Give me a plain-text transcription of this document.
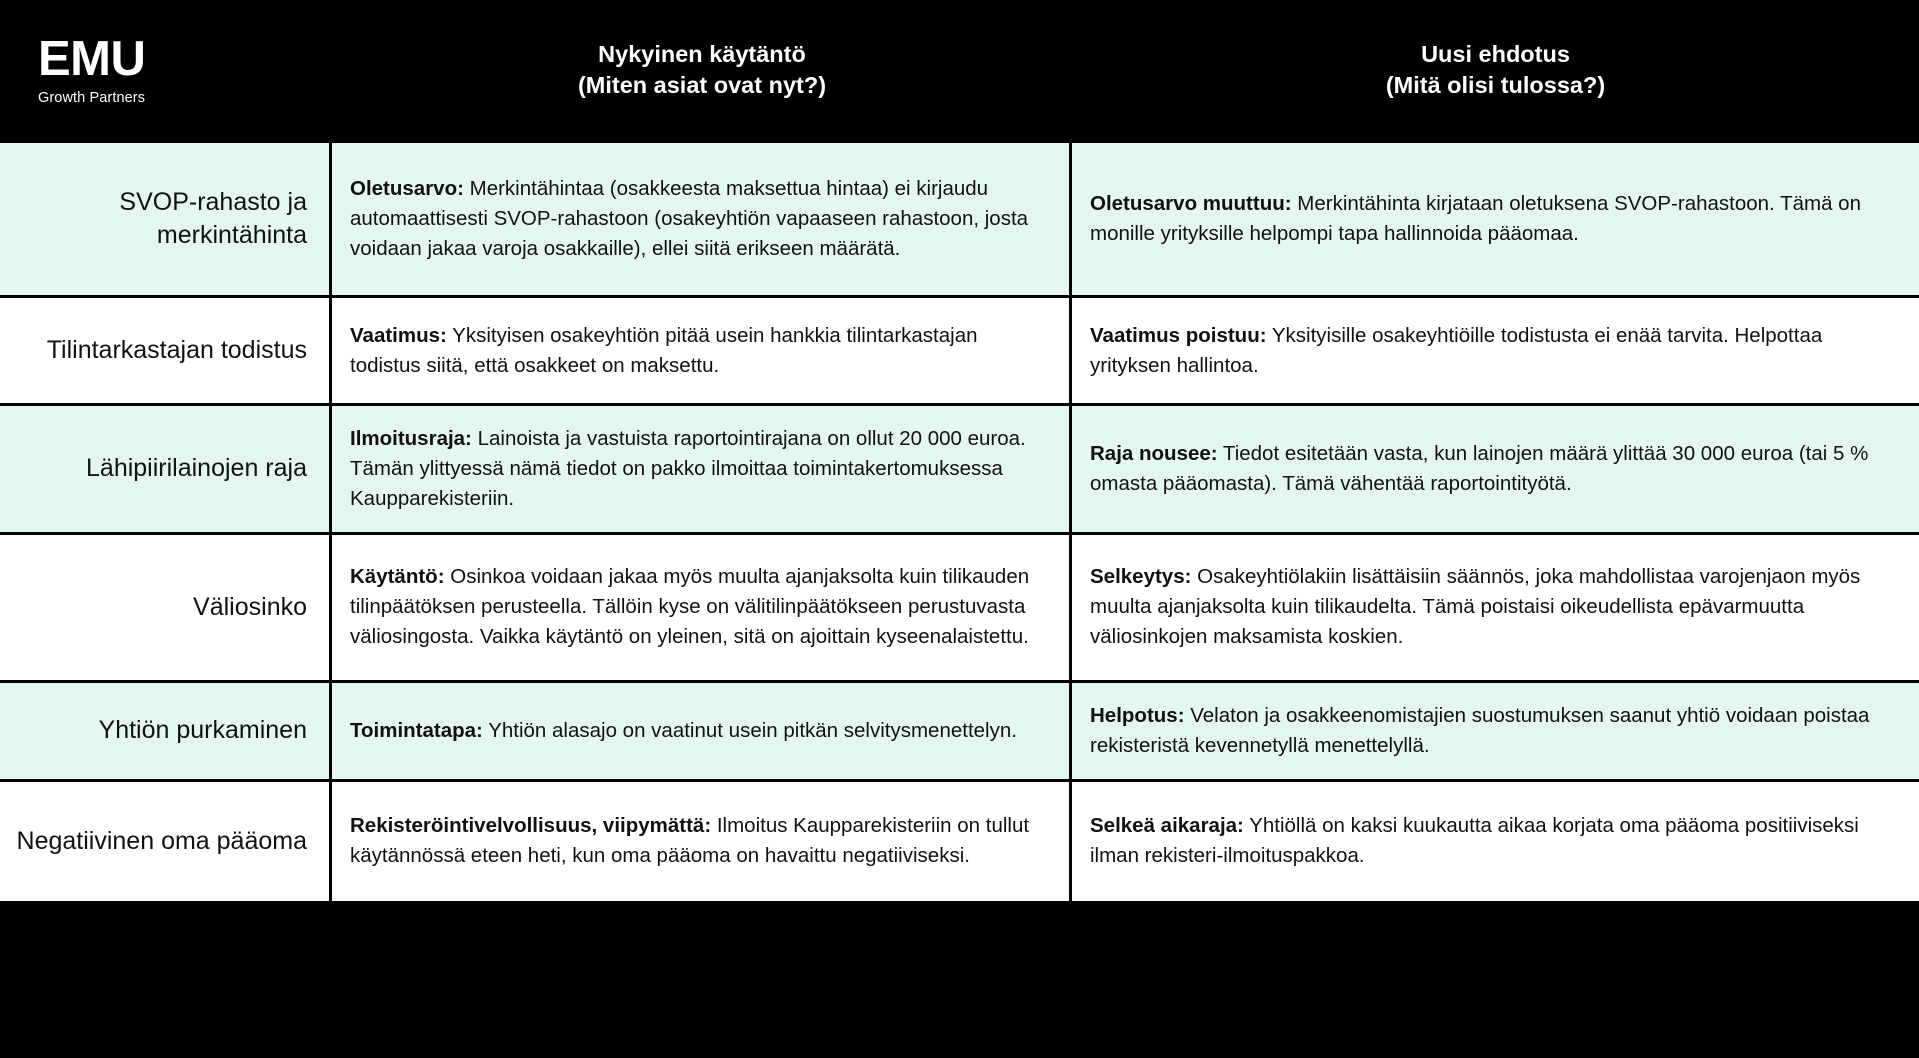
EMU
Growth Partners
Nykyinen käytäntö
(Miten asiat ovat nyt?)
Uusi ehdotus
(Mitä olisi tulossa?)
SVOP-rahasto ja merkintähinta
Oletusarvo: Merkintähintaa (osakkeesta maksettua hintaa) ei kirjaudu automaattisesti SVOP-rahastoon (osakeyhtiön vapaaseen rahastoon, josta voidaan jakaa varoja osakkaille), ellei siitä erikseen määrätä.
Oletusarvo muuttuu: Merkintähinta kirjataan oletuksena SVOP-rahastoon. Tämä on monille yrityksille helpompi tapa hallinnoida pääomaa.
Tilintarkastajan todistus
Vaatimus: Yksityisen osakeyhtiön pitää usein hankkia tilintarkastajan todistus siitä, että osakkeet on maksettu.
Vaatimus poistuu: Yksityisille osakeyhtiöille todistusta ei enää tarvita. Helpottaa yrityksen hallintoa.
Lähipiirilainojen raja
Ilmoitusraja: Lainoista ja vastuista raportointirajana on ollut 20 000 euroa. Tämän ylittyessä nämä tiedot on pakko ilmoittaa toimintakertomuksessa Kaupparekisteriin.
Raja nousee: Tiedot esitetään vasta, kun lainojen määrä ylittää 30 000 euroa (tai 5 % omasta pääomasta). Tämä vähentää raportointityötä.
Väliosinko
Käytäntö: Osinkoa voidaan jakaa myös muulta ajanjaksolta kuin tilikauden tilinpäätöksen perusteella. Tällöin kyse on välitilinpäätökseen perustuvasta väliosingosta. Vaikka käytäntö on yleinen, sitä on ajoittain kyseenalaistettu.
Selkeytys: Osakeyhtiölakiin lisättäisiin säännös, joka mahdollistaa varojenjaon myös muulta ajanjaksolta kuin tilikaudelta. Tämä poistaisi oikeudellista epävarmuutta väliosinkojen maksamista koskien.
Yhtiön purkaminen Toimintatapa: Yhtiön alasajo on vaatinut usein pitkän selvitysmenettelyn.
Helpotus: Velaton ja osakkeenomistajien suostumuksen saanut yhtiö voidaan poistaa rekisteristä kevennetyllä menettelyllä.
Negatiivinen oma pääoma
Rekisteröintivelvollisuus, viipymättä: Ilmoitus Kaupparekisteriin on tullut käytännössä eteen heti, kun oma pääoma on havaittu negatiiviseksi.
Selkeä aikaraja: Yhtiöllä on kaksi kuukautta aikaa korjata oma pääoma positiiviseksi ilman rekisteri-ilmoituspakkoa.
